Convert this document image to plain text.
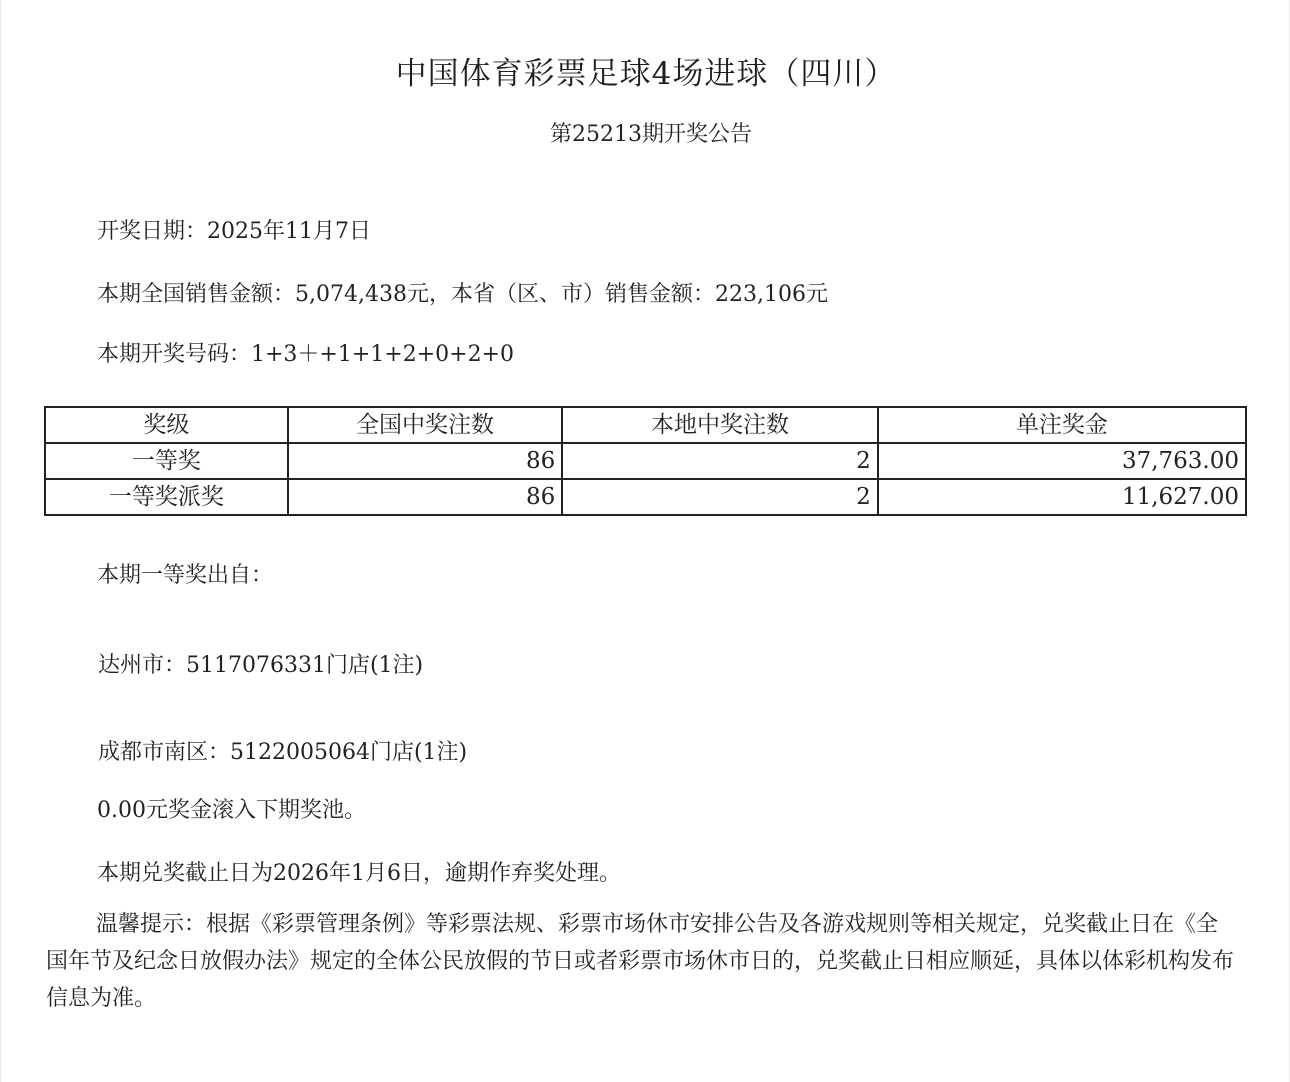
中国体育彩票足球4场进球（四川）
第25213期开奖公告
开奖日期：2025年11月7日
本期全国销售金额：5,074,438元，本省（区、市）销售金额：223,106元
本期开奖号码：1+3＋+1+1+2+0+2+0
奖级	全国中奖注数	本地中奖注数	单注奖金
一等奖	86	2	37,763.00
一等奖派奖	86	2	11,627.00
本期一等奖出自：
达州市：5117076331门店(1注)
成都市南区：5122005064门店(1注)
0.00元奖金滚入下期奖池。
本期兑奖截止日为2026年1月6日，逾期作弃奖处理。
温馨提示：根据《彩票管理条例》等彩票法规、彩票市场休市安排公告及各游戏规则等相关规定，兑奖截止日在《全国年节及纪念日放假办法》规定的全体公民放假的节日或者彩票市场休市日的，兑奖截止日相应顺延，具体以体彩机构发布信息为准。
